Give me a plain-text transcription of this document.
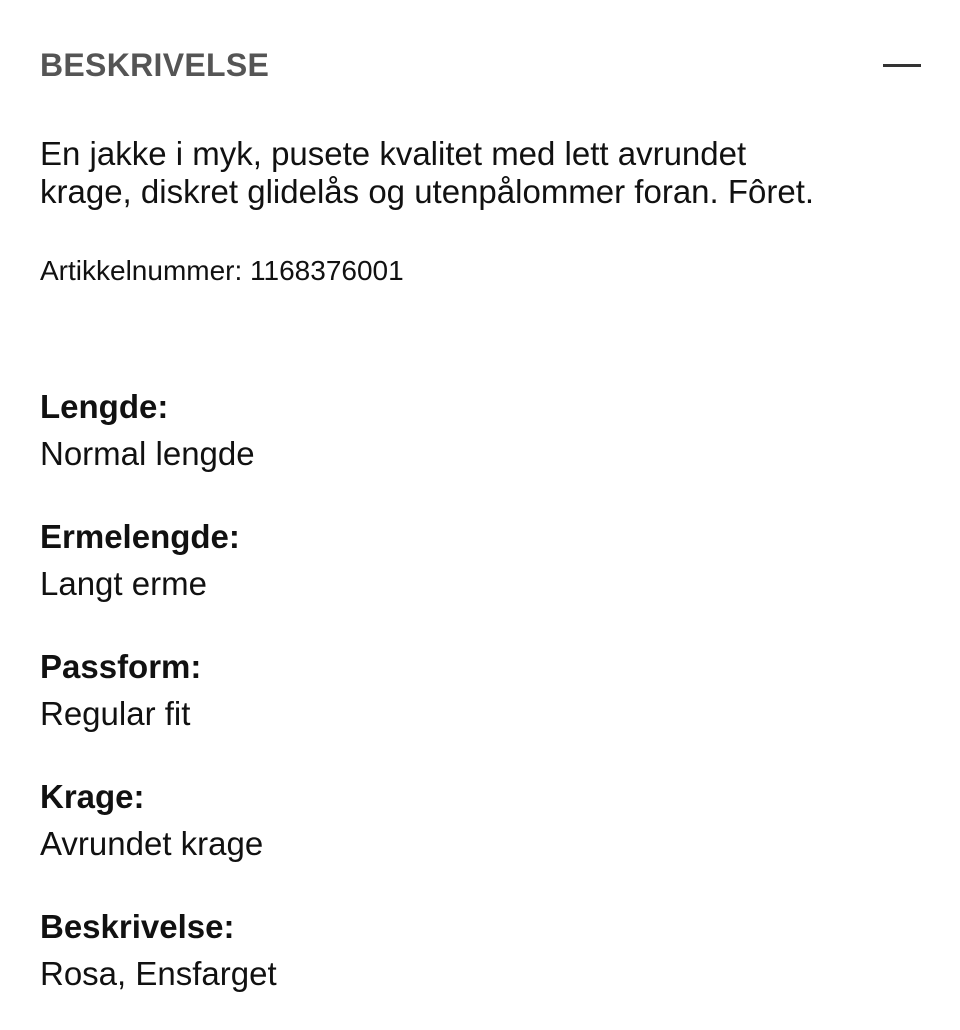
BESKRIVELSE

En jakke i myk, pusete kvalitet med lett avrundet
krage, diskret glidelås og utenpålommer foran. Fôret.

Artikkelnummer: 1168376001
Lengde:
Normal lengde
Ermelengde:
Langt erme
Passform:
Regular fit
Krage:
Avrundet krage
Beskrivelse:
Rosa, Ensfarget
